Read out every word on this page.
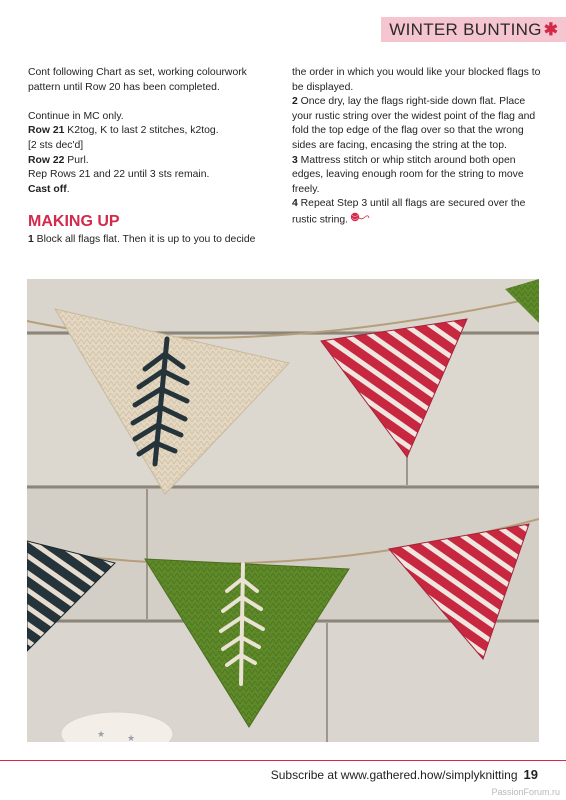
WINTER BUNTING ✱

Cont following Chart as set, working colourwork pattern until Row 20 has been completed.

Continue in MC only.

Row 21 K2tog, K to last 2 stitches, k2tog.

[2 sts dec'd]

Row 22 Purl.

Rep Rows 21 and 22 until 3 sts remain.

Cast off.

MAKING UP

1 Block all flags flat. Then it is up to you to decide

the order in which you would like your blocked flags to be displayed.

2 Once dry, lay the flags right-side down flat. Place your rustic string over the widest point of the flag and fold the top edge of the flag over so that the wrong sides are facing, encasing the string at the top.

3 Mattress stitch or whip stitch around both open edges, leaving enough room for the string to move freely.

4 Repeat Step 3 until all flags are secured over the rustic string.

★ ★
Subscribe at www.gathered.how/simplyknitting 19
PassionForum.ru
